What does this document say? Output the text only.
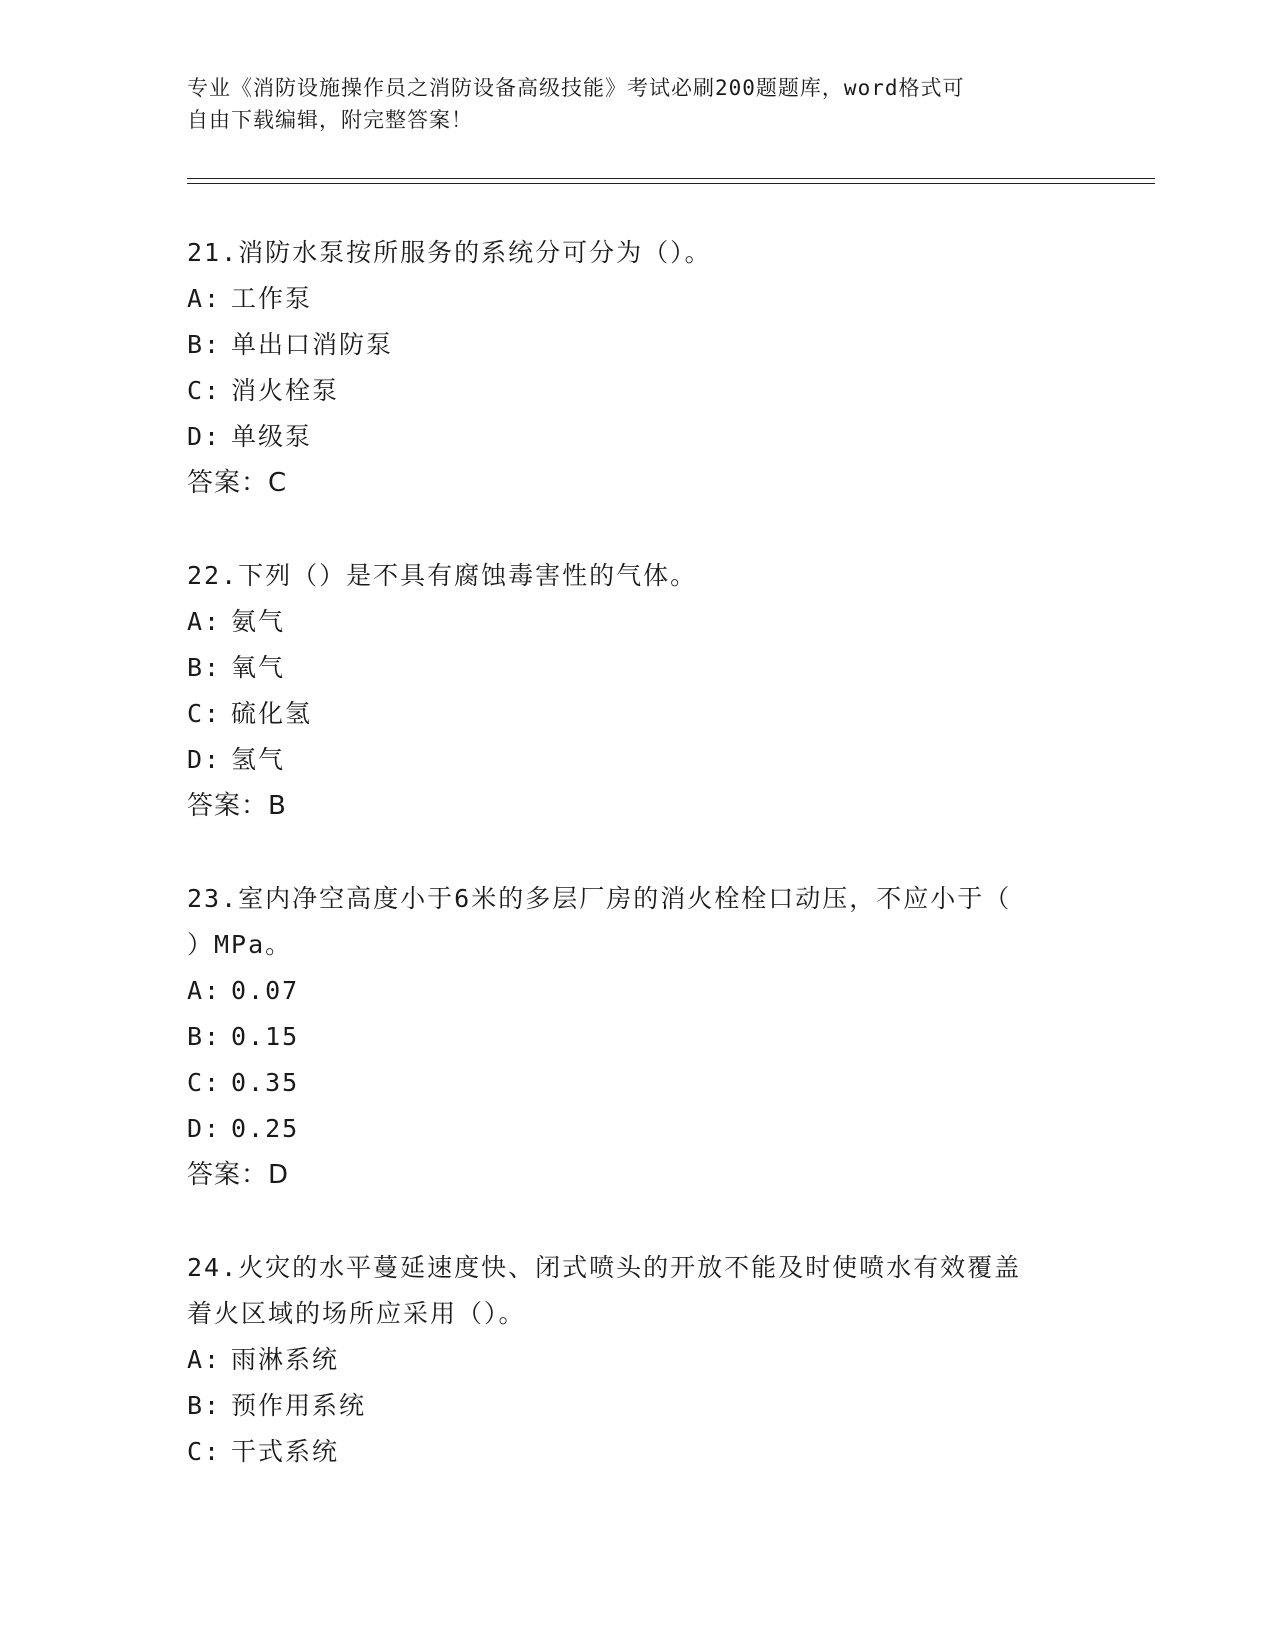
专业《消防设施操作员之消防设备高级技能》考试必刷200题题库，word格式可
自由下载编辑，附完整答案！
21.消防水泵按所服务的系统分可分为（）。
A: 工作泵
B: 单出口消防泵
C: 消火栓泵
D: 单级泵
答案：C
22.下列（）是不具有腐蚀毒害性的气体。
A: 氨气
B: 氧气
C: 硫化氢
D: 氢气
答案：B
23.室内净空高度小于6米的多层厂房的消火栓栓口动压，不应小于（
）MPa。
A: 0.07
B: 0.15
C: 0.35
D: 0.25
答案：D
24.火灾的水平蔓延速度快、闭式喷头的开放不能及时使喷水有效覆盖
着火区域的场所应采用（）。
A: 雨淋系统
B: 预作用系统
C: 干式系统
